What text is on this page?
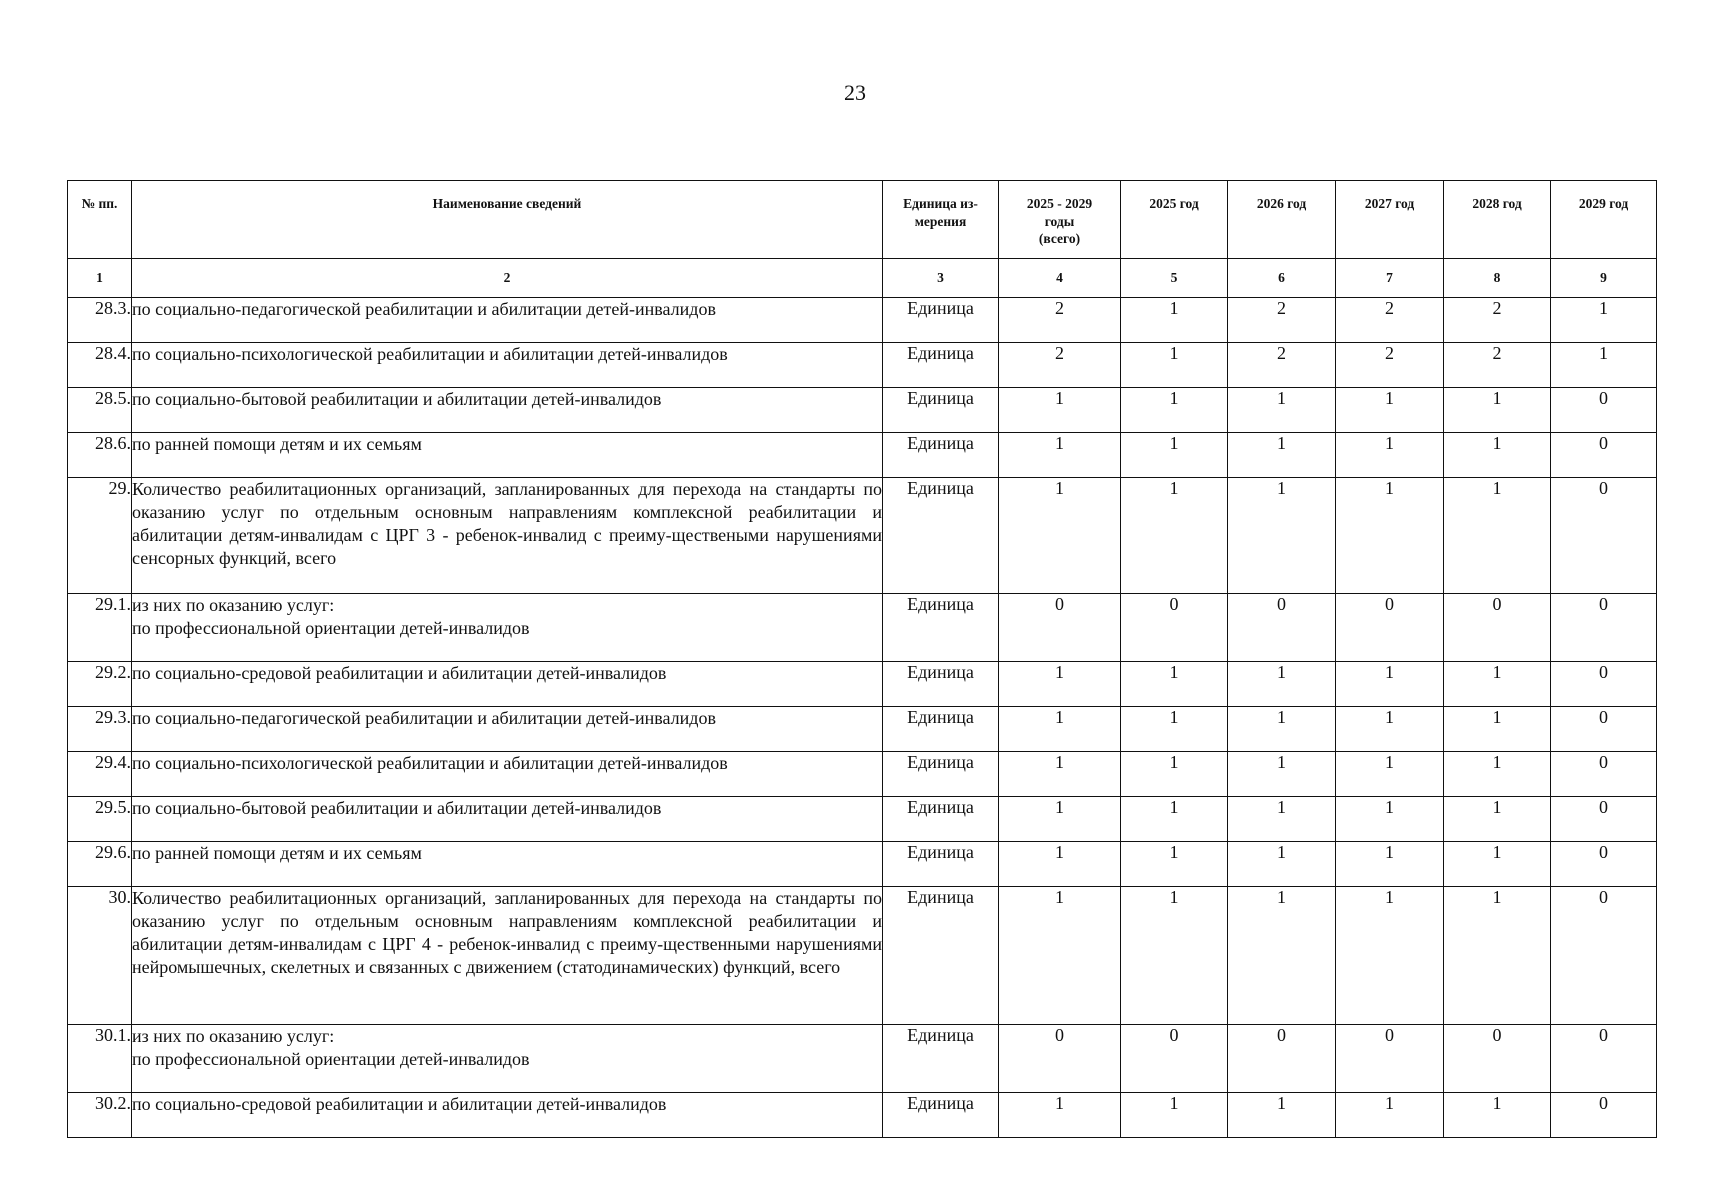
23
№ пп.	Наименование сведений	Единица из-
мерения	2025 - 2029
годы
(всего)	2025 год	2026 год	2027 год	2028 год	2029 год
1	2	3	4	5	6	7	8	9
28.3.	по социально-педагогической реабилитации и абилитации детей-инвалидов	Единица	2	1	2	2	2	1
28.4.	по социально-психологической реабилитации и абилитации детей-инвалидов	Единица	2	1	2	2	2	1
28.5.	по социально-бытовой реабилитации и абилитации детей-инвалидов	Единица	1	1	1	1	1	0
28.6.	по ранней помощи детям и их семьям	Единица	1	1	1	1	1	0
29.	Количество реабилитационных организаций, запланированных для перехода на стандарты по оказанию услуг по отдельным основным направлениям комплексной реабилитации и абилитации детям-инвалидам с ЦРГ 3 - ребенок-инвалид с преиму-ществеными нарушениями сенсорных функций, всего	Единица	1	1	1	1	1	0
29.1.	из них по оказанию услуг:
по профессиональной ориентации детей-инвалидов	Единица	0	0	0	0	0	0
29.2.	по социально-средовой реабилитации и абилитации детей-инвалидов	Единица	1	1	1	1	1	0
29.3.	по социально-педагогической реабилитации и абилитации детей-инвалидов	Единица	1	1	1	1	1	0
29.4.	по социально-психологической реабилитации и абилитации детей-инвалидов	Единица	1	1	1	1	1	0
29.5.	по социально-бытовой реабилитации и абилитации детей-инвалидов	Единица	1	1	1	1	1	0
29.6.	по ранней помощи детям и их семьям	Единица	1	1	1	1	1	0
30.	Количество реабилитационных организаций, запланированных для перехода на стандарты по оказанию услуг по отдельным основным направлениям комплексной реабилитации и абилитации детям-инвалидам с ЦРГ 4 - ребенок-инвалид с преиму-щественными нарушениями нейромышечных, скелетных и связанных с движением (статодинамических) функций, всего	Единица	1	1	1	1	1	0
30.1.	из них по оказанию услуг:
по профессиональной ориентации детей-инвалидов	Единица	0	0	0	0	0	0
30.2.	по социально-средовой реабилитации и абилитации детей-инвалидов	Единица	1	1	1	1	1	0
